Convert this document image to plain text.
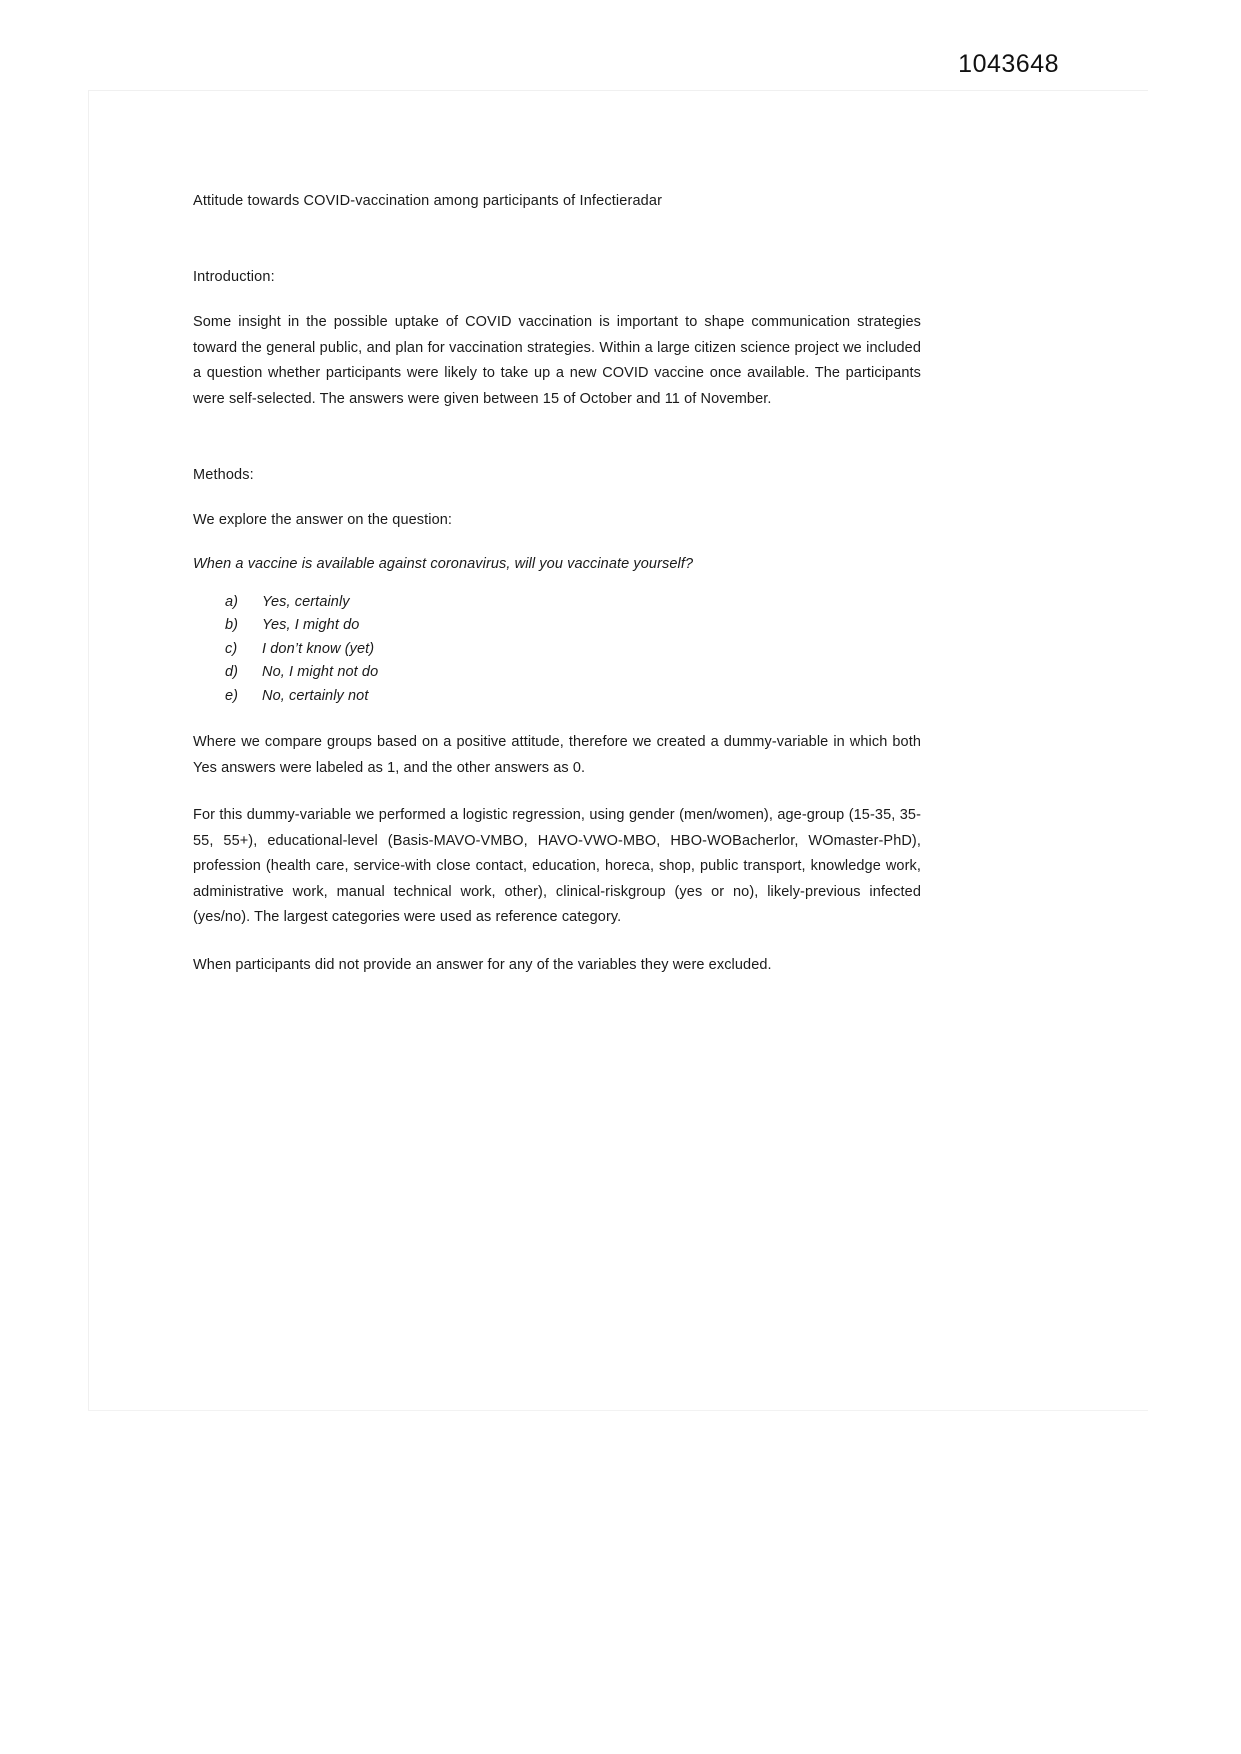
1043648
Attitude towards COVID-vaccination among participants of Infectieradar
Introduction:

Some insight in the possible uptake of COVID vaccination is important to shape communication strategies toward the general public, and plan for vaccination strategies. Within a large citizen science project we included a question whether participants were likely to take up a new COVID vaccine once available. The participants were self-selected. The answers were given between 15 of October and 11 of November.

Methods:

We explore the answer on the question:

When a vaccine is available against coronavirus, will you vaccinate yourself?

a)	Yes, certainly
b)	Yes, I might do
c)	I don’t know (yet)
d)	No, I might not do
e)	No, certainly not

Where we compare groups based on a positive attitude, therefore we created a dummy-variable in which both Yes answers were labeled as 1, and the other answers as 0.

For this dummy-variable we performed a logistic regression, using gender (men/women), age-group (15-35, 35-55, 55+), educational-level (Basis-MAVO-VMBO, HAVO-VWO-MBO, HBO-WOBacherlor, WOmaster-PhD), profession (health care, service-with close contact, education, horeca, shop, public transport, knowledge work, administrative work, manual technical work, other), clinical-riskgroup (yes or no), likely-previous infected (yes/no). The largest categories were used as reference category.

When participants did not provide an answer for any of the variables they were excluded.
